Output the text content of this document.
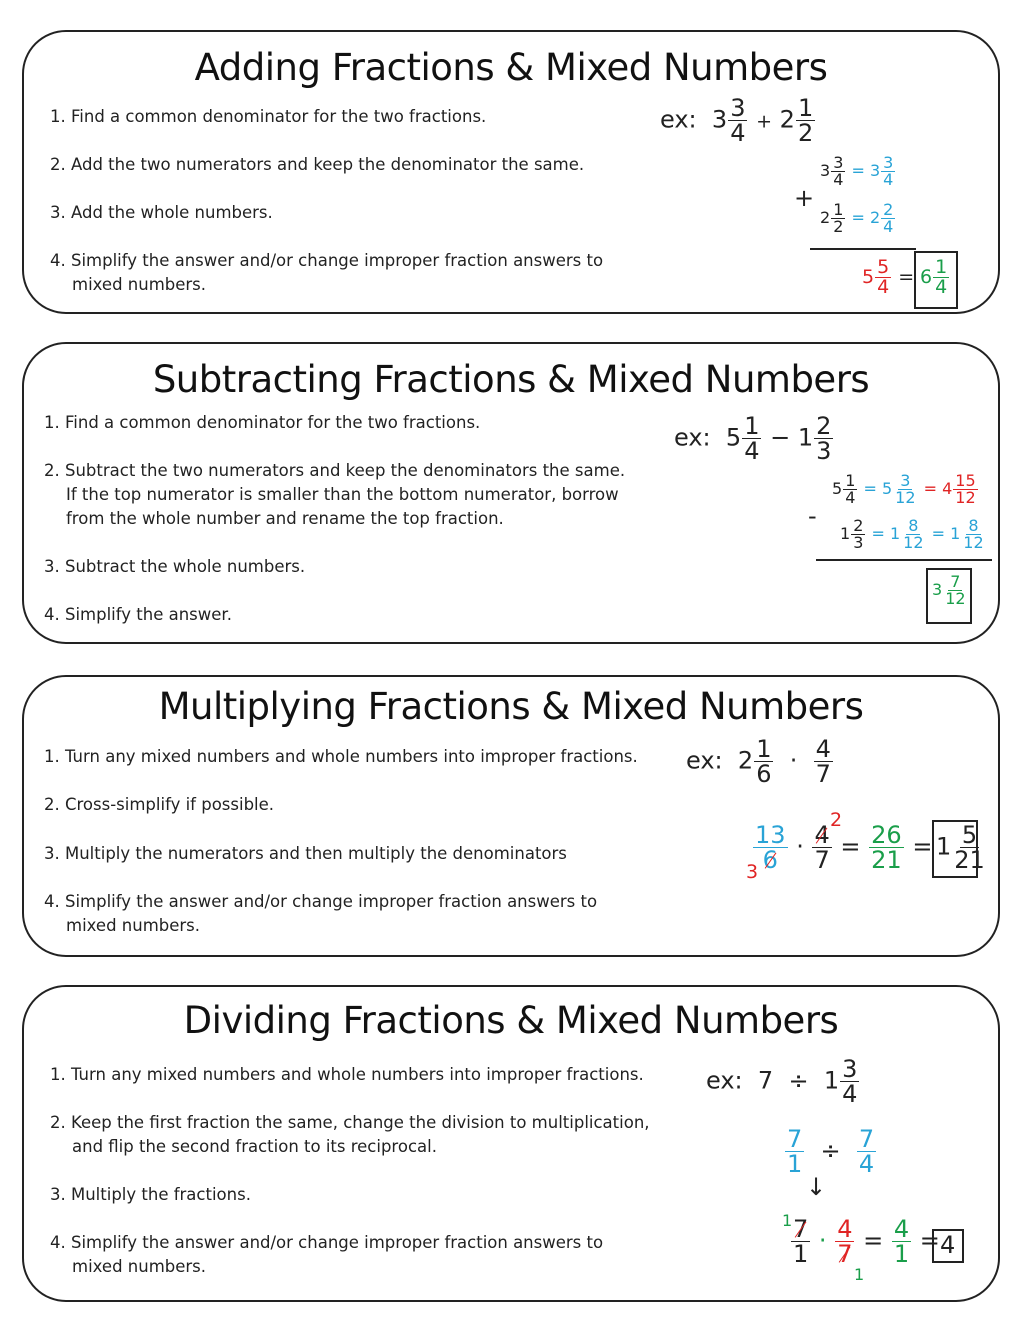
Adding Fractions & Mixed Numbers
1. Find a common denominator for the two fractions.
2. Add the two numerators and keep the denominator the same.
3. Add the whole numbers.
4. Simplify the answer and/or change improper fraction answers to
mixed numbers.
ex: $3 \frac{3}{4} + 2 \frac{1}{2}$
$3 \frac{3}{4} = 3 \frac{3}{4}$
+
$2 \frac{1}{2} = 2 \frac{2}{4}$
$5 \frac{5}{4} = 6 \frac{1}{4}$
Subtracting Fractions & Mixed Numbers
1. Find a common denominator for the two fractions.
2. Subtract the two numerators and keep the denominators the same.
If the top numerator is smaller than the bottom numerator, borrow
from the whole number and rename the top fraction.
3. Subtract the whole numbers.
4. Simplify the answer.
ex: $5 \frac{1}{4} - 1 \frac{2}{3}$
$5 \frac{1}{4} = 5 \frac{3}{12} = 4 \frac{15}{12}$
-
$1 \frac{2}{3} = 1 \frac{8}{12} = 1 \frac{8}{12}$
$3 \frac{7}{12}$
Multiplying Fractions & Mixed Numbers
1. Turn any mixed numbers and whole numbers into improper fractions.
2. Cross-simplify if possible.
3. Multiply the numerators and then multiply the denominators
4. Simplify the answer and/or change improper fraction answers to
mixed numbers.
ex: $2 \frac{1}{6} \cdot \frac{4}{7}$
$\frac{13}{6} \cdot \frac{4}{7} = \frac{26}{21}$ =
3
2
$1 \frac{5}{21}$
Dividing Fractions & Mixed Numbers
1. Turn any mixed numbers and whole numbers into improper fractions.
2. Keep the first fraction the same, change the division to multiplication,
and flip the second fraction to its reciprocal.
3. Multiply the fractions.
4. Simplify the answer and/or change improper fraction answers to
mixed numbers.
ex: $7 \div 1 \frac{3}{4}$
$\frac{7}{1} \div \frac{7}{4}$
↓
$\frac{7}{1} \cdot \frac{4}{7} = \frac{4}{1}$ =
1
1
4
